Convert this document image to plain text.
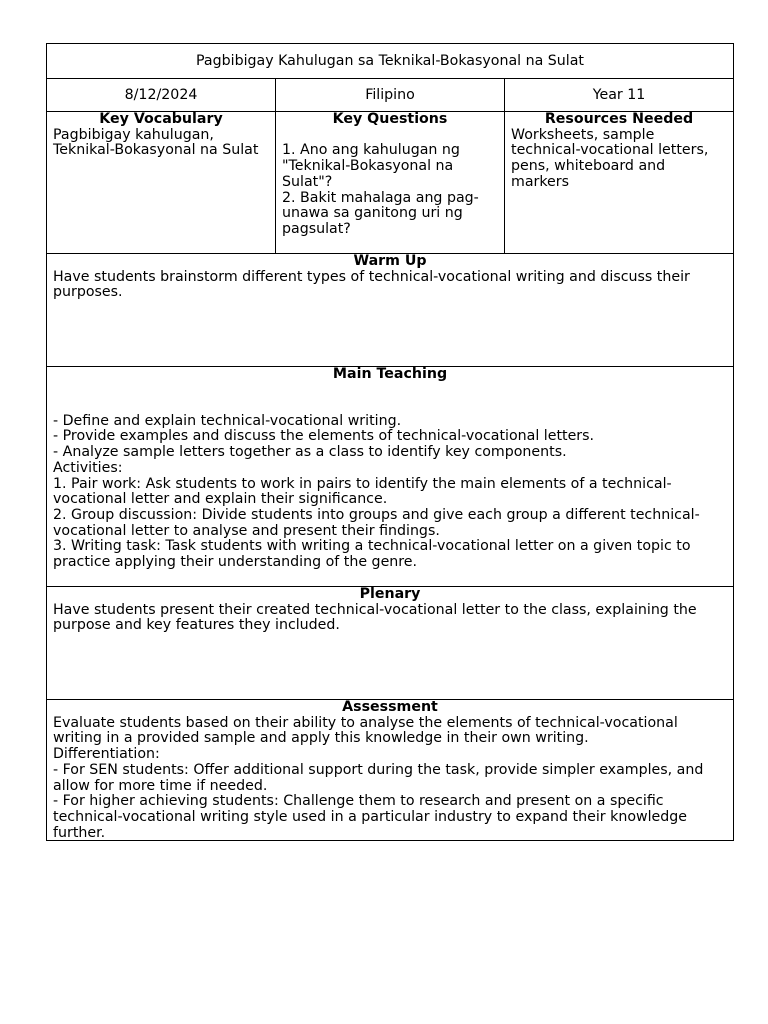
Pagbibigay Kahulugan sa Teknikal-Bokasyonal na Sulat
8/12/2024	Filipino	Year 11
Key Vocabulary
Pagbibigay kahulugan,
Teknikal-Bokasyonal na Sulat
Key Questions

1. Ano ang kahulugan ng
"Teknikal-Bokasyonal na
Sulat"?
2. Bakit mahalaga ang pag-
unawa sa ganitong uri ng
pagsulat?
Resources Needed
Worksheets, sample
technical-vocational letters,
pens, whiteboard and
markers
Warm Up
Have students brainstorm different types of technical-vocational writing and discuss their
purposes.
Main Teaching
- Define and explain technical-vocational writing.
- Provide examples and discuss the elements of technical-vocational letters.
- Analyze sample letters together as a class to identify key components.
Activities:
1. Pair work: Ask students to work in pairs to identify the main elements of a technical-
vocational letter and explain their significance.
2. Group discussion: Divide students into groups and give each group a different technical-
vocational letter to analyse and present their findings.
3. Writing task: Task students with writing a technical-vocational letter on a given topic to
practice applying their understanding of the genre.
Plenary
Have students present their created technical-vocational letter to the class, explaining the
purpose and key features they included.
Assessment
Evaluate students based on their ability to analyse the elements of technical-vocational
writing in a provided sample and apply this knowledge in their own writing.
Differentiation:
- For SEN students: Offer additional support during the task, provide simpler examples, and
allow for more time if needed.
- For higher achieving students: Challenge them to research and present on a specific
technical-vocational writing style used in a particular industry to expand their knowledge
further.
